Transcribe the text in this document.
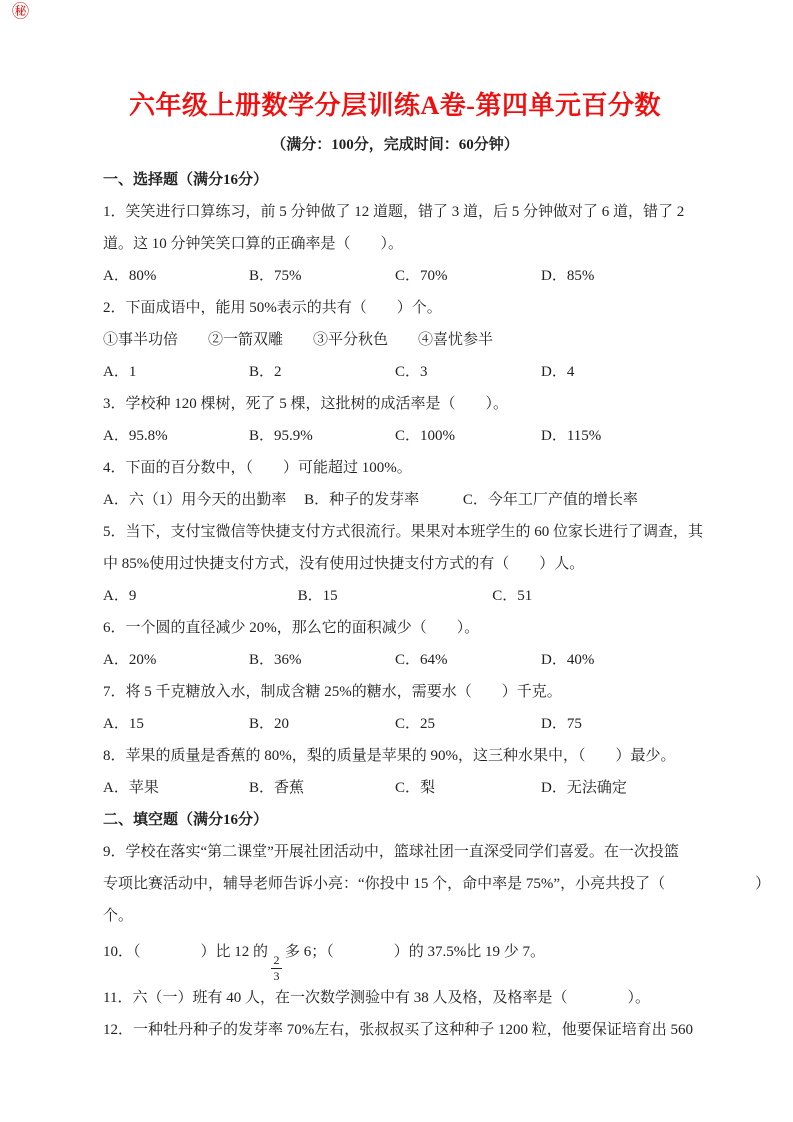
㊙
六年级上册数学分层训练A卷-第四单元百分数

（满分：100分，完成时间：60分钟）

一、选择题（满分16分）

1．笑笑进行口算练习，前 5 分钟做了 12 道题，错了 3 道，后 5 分钟做对了 6 道，错了 2

道。这 10 分钟笑笑口算的正确率是（　　）。

A．80%	B．75%	C．70%	D．85%

2．下面成语中，能用 50%表示的共有（　　）个。

①事半功倍　　②一箭双雕　　③平分秋色　　④喜忧参半

A．1	B．2	C．3	D．4

3．学校种 120 棵树，死了 5 棵，这批树的成活率是（　　）。

A．95.8%	B．95.9%	C．100%	D．115%

4．下面的百分数中，（　　）可能超过 100%。

A．六（1）用今天的出勤率 B．种子的发芽率	C．今年工厂产值的增长率

5．当下，支付宝微信等快捷支付方式很流行。果果对本班学生的 60 位家长进行了调查，其

中 85%使用过快捷支付方式，没有使用过快捷支付方式的有（　　）人。

A．9	B．15	C．51

6．一个圆的直径减少 20%，那么它的面积减少（　　）。

A．20%	B．36%	C．64%	D．40%

7．将 5 千克糖放入水，制成含糖 25%的糖水，需要水（　　）千克。

A．15	B．20	C．25	D．75

8．苹果的质量是香蕉的 80%，梨的质量是苹果的 90%，这三种水果中，（　　）最少。

A．苹果	B．香蕉	C．梨	D．无法确定

二、填空题（满分16分）

9．学校在落实“第二课堂”开展社团活动中，篮球社团一直深受同学们喜爱。在一次投篮

专项比赛活动中，辅导老师告诉小亮：“你投中 15 个，命中率是 75%”，小亮共投了（　　　　　　）

个。

10．（　　　　）比 12 的
$\frac{2}{3}$
多 6；（　　　　）的 37.5%比 19 少 7。

11．六（一）班有 40 人，在一次数学测验中有 38 人及格，及格率是（　　　　）。

12．一种牡丹种子的发芽率 70%左右，张叔叔买了这种种子 1200 粒，他要保证培育出 560
